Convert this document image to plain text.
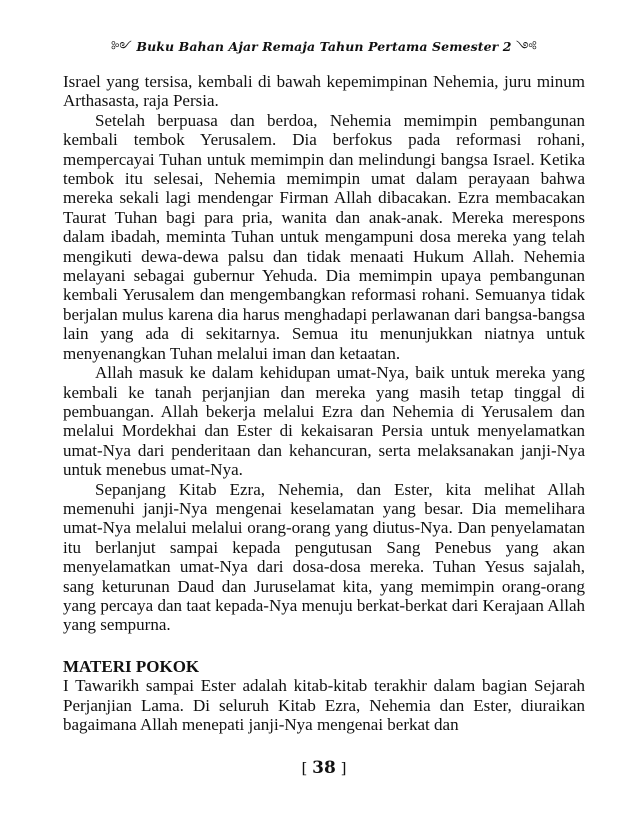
༻ Buku Bahan Ajar Remaja Tahun Pertama Semester 2 ༺

Israel yang tersisa, kembali di bawah kepemimpinan Nehemia, juru minum Arthasasta, raja Persia.

Setelah berpuasa dan berdoa, Nehemia memimpin pembangunan kembali tembok Yerusalem. Dia berfokus pada reformasi rohani, mempercayai Tuhan untuk memimpin dan melindungi bangsa Israel. Ketika tembok itu selesai, Nehemia memimpin umat dalam perayaan bahwa mereka sekali lagi mendengar Firman Allah dibacakan. Ezra membacakan Taurat Tuhan bagi para pria, wanita dan anak-anak. Mereka merespons dalam ibadah, meminta Tuhan untuk mengampuni dosa mereka yang telah mengikuti dewa-dewa palsu dan tidak menaati Hukum Allah. Nehemia melayani sebagai gubernur Yehuda. Dia memimpin upaya pembangunan kembali Yerusalem dan mengembangkan reformasi rohani. Semuanya tidak berjalan mulus karena dia harus menghadapi perlawanan dari bangsa-bangsa lain yang ada di sekitarnya. Semua itu menunjukkan niatnya untuk menyenangkan Tuhan melalui iman dan ketaatan.

Allah masuk ke dalam kehidupan umat-Nya, baik untuk mereka yang kembali ke tanah perjanjian dan mereka yang masih tetap tinggal di pembuangan. Allah bekerja melalui Ezra dan Nehemia di Yerusalem dan melalui Mordekhai dan Ester di kekaisaran Persia untuk menyelamatkan umat-Nya dari penderitaan dan kehancuran, serta melaksanakan janji-Nya untuk menebus umat-Nya.

Sepanjang Kitab Ezra, Nehemia, dan Ester, kita melihat Allah memenuhi janji-Nya mengenai keselamatan yang besar. Dia memelihara umat-Nya melalui melalui orang-orang yang diutus-Nya. Dan penyelamatan itu berlanjut sampai kepada pengutusan Sang Penebus yang akan menyelamatkan umat-Nya dari dosa-dosa mereka. Tuhan Yesus sajalah, sang keturunan Daud dan Juruselamat kita, yang memimpin orang-orang yang percaya dan taat kepada-Nya menuju berkat-berkat dari Kerajaan Allah yang sempurna.

MATERI POKOK

I Tawarikh sampai Ester adalah kitab-kitab terakhir dalam bagian Sejarah Perjanjian Lama. Di seluruh Kitab Ezra, Nehemia dan Ester, diuraikan bagaimana Allah menepati janji-Nya mengenai berkat dan

[ 38 ]
